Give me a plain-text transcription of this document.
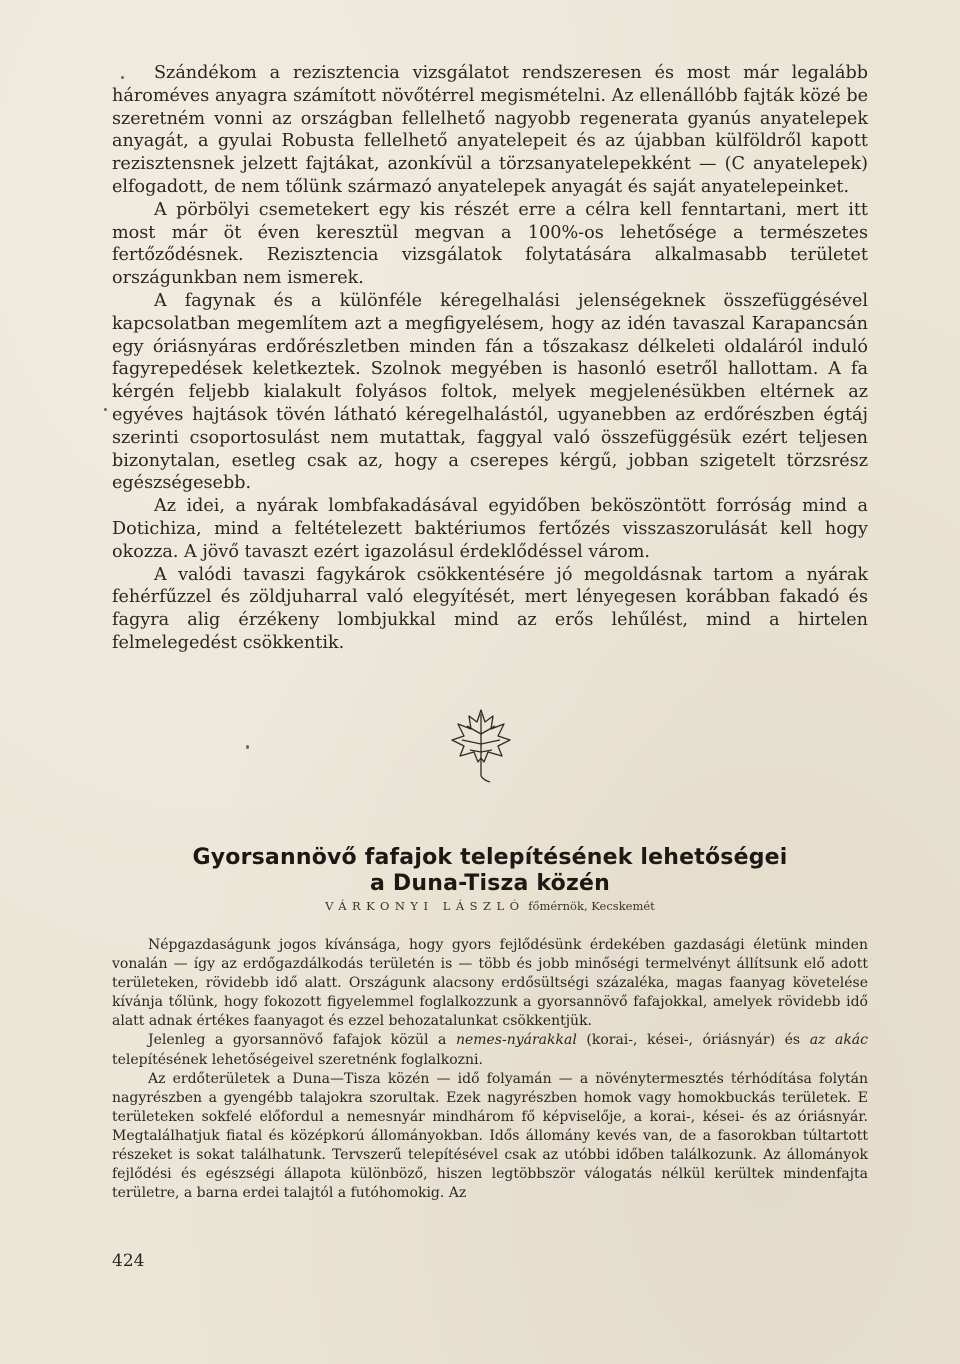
Szándékom a rezisztencia vizsgálatot rendszeresen és most már legalább hároméves anyagra számított növőtérrel megismételni. Az ellenállóbb fajták közé be szeretném vonni az országban fellelhető nagyobb regenerata gyanús anyatelepek anyagát, a gyulai Robusta fellelhető anyatelepeit és az újabban külföldről kapott rezisztensnek jelzett fajtákat, azonkívül a törzsanyatelepekként — (C anyatelepek) elfogadott, de nem tőlünk származó anyatelepek anyagát és saját anyatelepeinket.

A pörbölyi csemetekert egy kis részét erre a célra kell fenntartani, mert itt most már öt éven keresztül megvan a 100%-os lehetősége a természetes fertőződésnek. Rezisztencia vizsgálatok folytatására alkalmasabb területet országunkban nem ismerek.

A fagynak és a különféle kéregelhalási jelenségeknek összefüggésével kapcsolatban megemlítem azt a megfigyelésem, hogy az idén tavaszal Karapancsán egy óriásnyáras erdőrészletben minden fán a tőszakasz délkeleti oldaláról induló fagyrepedések keletkeztek. Szolnok megyében is hasonló esetről hallottam. A fa kérgén feljebb kialakult folyásos foltok, melyek megjelenésükben eltérnek az egyéves hajtások tövén látható kéregelhalástól, ugyanebben az erdőrészben égtáj szerinti csoportosulást nem mutattak, faggyal való összefüggésük ezért teljesen bizonytalan, esetleg csak az, hogy a cserepes kérgű, jobban szigetelt törzsrész egészségesebb.

Az idei, a nyárak lombfakadásával egyidőben beköszöntött forróság mind a Dotichiza, mind a feltételezett baktériumos fertőzés visszaszorulását kell hogy okozza. A jövő tavaszt ezért igazolásul érdeklődéssel várom.

A valódi tavaszi fagykárok csökkentésére jó megoldásnak tartom a nyárak fehérfűzzel és zöldjuharral való elegyítését, mert lényegesen korábban fakadó és fagyra alig érzékeny lombjukkal mind az erős lehűlést, mind a hirtelen felmelegedést csökkentik.

Gyorsannövő fafajok telepítésének lehetőségei
a Duna-Tisza közén
VÁRKONYI LÁSZLÓ főmérnök, Kecskemét

Népgazdaságunk jogos kívánsága, hogy gyors fejlődésünk érdekében gazdasági életünk minden vonalán — így az erdőgazdálkodás területén is — több és jobb minőségi termelvényt állítsunk elő adott területeken, rövidebb idő alatt. Országunk alacsony erdősültségi százaléka, magas faanyag követelése kívánja tőlünk, hogy fokozott figyelemmel foglalkozzunk a gyorsannövő fafajokkal, amelyek rövidebb idő alatt adnak értékes faanyagot és ezzel behozatalunkat csökkentjük.

Jelenleg a gyorsannövő fafajok közül a nemes-nyárakkal (korai-, kései-, óriásnyár) és az akác telepítésének lehetőségeivel szeretnénk foglalkozni.

Az erdőterületek a Duna—Tisza közén — idő folyamán — a növénytermesztés térhódítása folytán nagyrészben a gyengébb talajokra szorultak. Ezek nagyrészben homok vagy homokbuckás területek. E területeken sokfelé előfordul a nemesnyár mindhárom fő képviselője, a korai-, kései- és az óriásnyár. Megtalálhatjuk fiatal és középkorú állományokban. Idős állomány kevés van, de a fasorokban túltartott részeket is sokat találhatunk. Tervszerű telepítésével csak az utóbbi időben találkozunk. Az állományok fejlődési és egészségi állapota különböző, hiszen legtöbbször válogatás nélkül kerültek mindenfajta területre, a barna erdei talajtól a futóhomokig. Az

424
